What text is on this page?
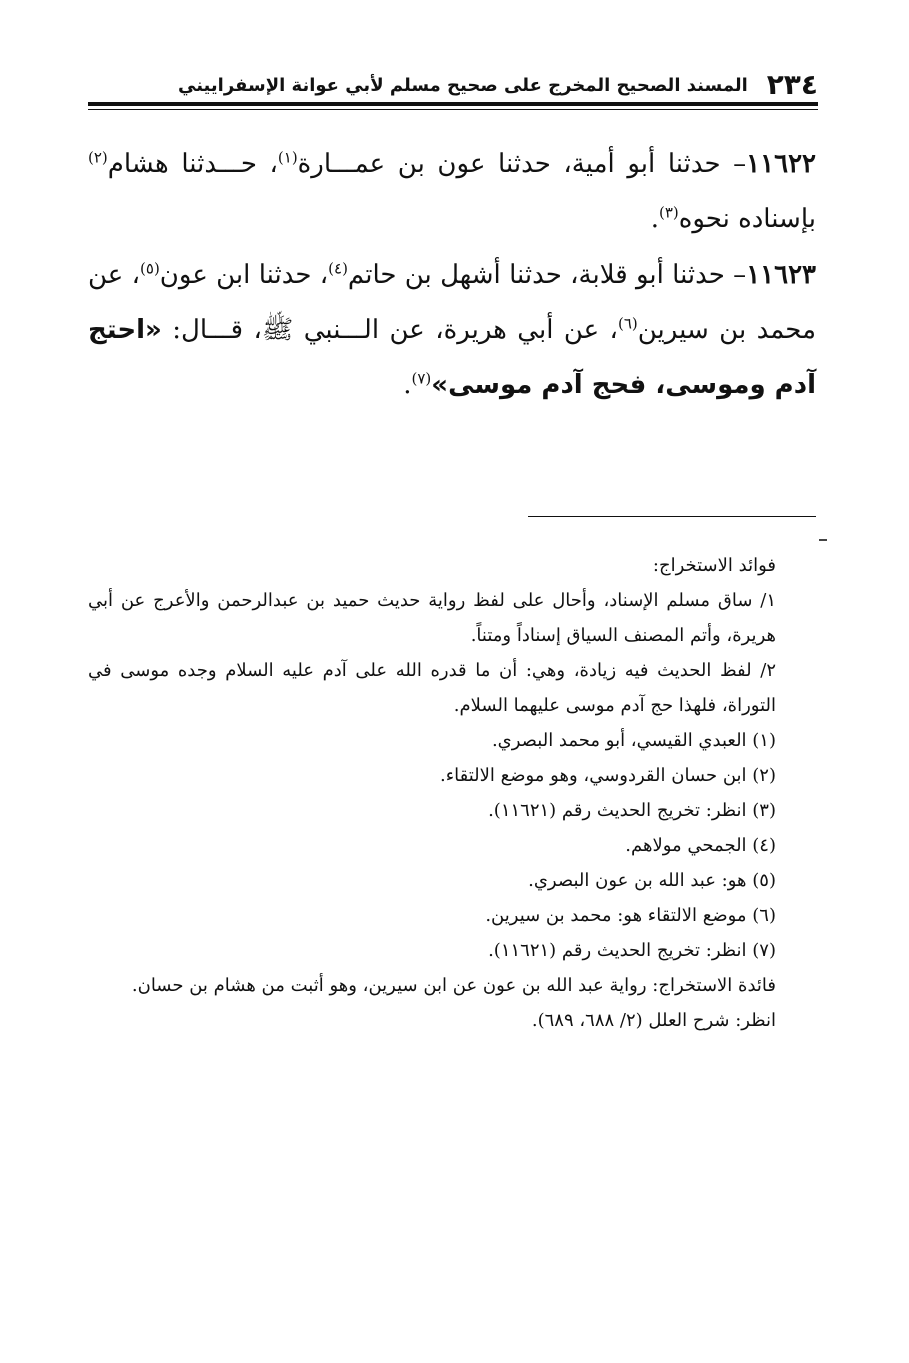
٢٣٤
المسند الصحيح المخرج على صحيح مسلم لأبي عوانة الإسفراييني

١١٦٢٢– حدثنا أبو أمية، حدثنا عون بن عمـــارة$^{(١)}$، حـــدثنا هشام$^{(٢)}$ بإسناده نحوه$^{(٣)}$.

١١٦٢٣– حدثنا أبو قلابة، حدثنا أشهل بن حاتم$^{(٤)}$، حدثنا ابن عون$^{(٥)}$، عن محمد بن سيرين$^{(٦)}$، عن أبي هريرة، عن الـــنبي ﷺ، قـــال: «احتج آدم وموسى، فحج آدم موسى»$^{(٧)}$.

فوائد الاستخراج:

١/ ساق مسلم الإسناد، وأحال على لفظ رواية حديث حميد بن عبدالرحمن والأعرج عن أبي هريرة، وأتم المصنف السياق إسناداً ومتناً.

٢/ لفظ الحديث فيه زيادة، وهي: أن ما قدره الله على آدم عليه السلام وجده موسى في التوراة، فلهذا حج آدم موسى عليهما السلام.

(١) العبدي القيسي، أبو محمد البصري.

(٢) ابن حسان القردوسي، وهو موضع الالتقاء.

(٣) انظر: تخريج الحديث رقم (١١٦٢١).

(٤) الجمحي مولاهم.

(٥) هو: عبد الله بن عون البصري.

(٦) موضع الالتقاء هو: محمد بن سيرين.

(٧) انظر: تخريج الحديث رقم (١١٦٢١).

فائدة الاستخراج: رواية عبد الله بن عون عن ابن سيرين، وهو أثبت من هشام بن حسان.

انظر: شرح العلل (٢/ ٦٨٨، ٦٨٩).
